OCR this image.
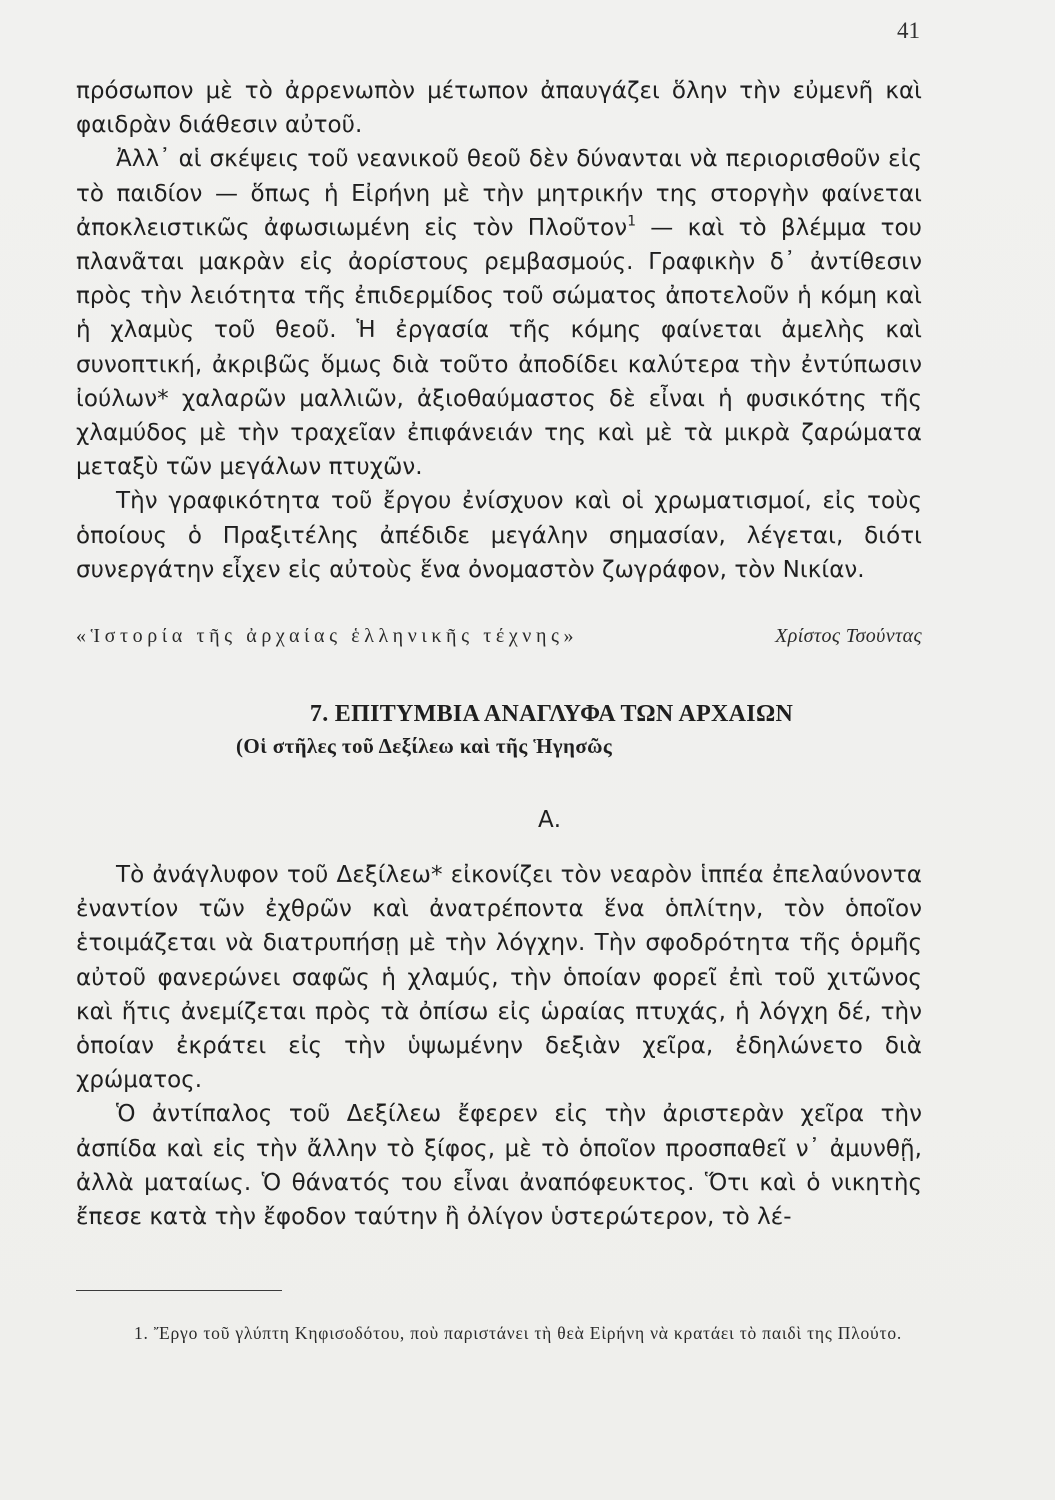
41

πρόσωπον μὲ τὸ ἀρρενωπὸν μέτωπον ἀπαυγάζει ὅλην τὴν εὐμενῆ καὶ φαιδρὰν διάθεσιν αὐτοῦ.

Ἀλλ᾽ αἱ σκέψεις τοῦ νεανικοῦ θεοῦ δὲν δύνανται νὰ περιορισθοῦν εἰς τὸ παιδίον — ὅπως ἡ Εἰρήνη μὲ τὴν μητρικήν της στοργὴν φαίνεται ἀποκλειστικῶς ἀφωσιωμένη εἰς τὸν Πλοῦτον$^1$ — καὶ τὸ βλέμμα του πλανᾶται μακρὰν εἰς ἀορίστους ρεμβασμούς. Γραφικὴν δ᾽ ἀντίθεσιν πρὸς τὴν λειότητα τῆς ἐπιδερμίδος τοῦ σώματος ἀποτελοῦν ἡ κόμη καὶ ἡ χλαμὺς τοῦ θεοῦ. Ἡ ἐργασία τῆς κόμης φαίνεται ἀμελὴς καὶ συνοπτική, ἀκριβῶς ὅμως διὰ τοῦτο ἀποδίδει καλύτερα τὴν ἐντύπωσιν ἰούλων* χαλαρῶν μαλλιῶν, ἀξιοθαύμαστος δὲ εἶναι ἡ φυσικότης τῆς χλαμύδος μὲ τὴν τραχεῖαν ἐπιφάνειάν της καὶ μὲ τὰ μικρὰ ζαρώματα μεταξὺ τῶν μεγάλων πτυχῶν.

Τὴν γραφικότητα τοῦ ἔργου ἐνίσχυον καὶ οἱ χρωματισμοί, εἰς τοὺς ὁποίους ὁ Πραξιτέλης ἀπέδιδε μεγάλην σημασίαν, λέγεται, διότι συνεργάτην εἶχεν εἰς αὐτοὺς ἕνα ὀνομαστὸν ζωγράφον, τὸν Νικίαν.

«Ἱστορία τῆς ἀρχαίας ἑλληνικῆς τέχνης»	Χρίστος Τσούντας
7. ΕΠΙΤΥΜΒΙΑ ΑΝΑΓΛΥΦΑ ΤΩΝ ΑΡΧΑΙΩΝ
(Οἱ στῆλες τοῦ Δεξίλεω καὶ τῆς Ἡγησῶς
Α.

Τὸ ἀνάγλυφον τοῦ Δεξίλεω* εἰκονίζει τὸν νεαρὸν ἱππέα ἐπελαύνοντα ἐναντίον τῶν ἐχθρῶν καὶ ἀνατρέποντα ἕνα ὁπλίτην, τὸν ὁποῖον ἑτοιμάζεται νὰ διατρυπήσῃ μὲ τὴν λόγχην. Τὴν σφοδρότητα τῆς ὁρμῆς αὐτοῦ φανερώνει σαφῶς ἡ χλαμύς, τὴν ὁποίαν φορεῖ ἐπὶ τοῦ χιτῶνος καὶ ἥτις ἀνεμίζεται πρὸς τὰ ὀπίσω εἰς ὡραίας πτυχάς, ἡ λόγχη δέ, τὴν ὁποίαν ἐκράτει εἰς τὴν ὑψωμένην δεξιὰν χεῖρα, ἐδηλώνετο διὰ χρώματος.

Ὁ ἀντίπαλος τοῦ Δεξίλεω ἔφερεν εἰς τὴν ἀριστερὰν χεῖρα τὴν ἀσπίδα καὶ εἰς τὴν ἄλλην τὸ ξίφος, μὲ τὸ ὁποῖον προσπαθεῖ ν᾽ ἀμυνθῇ, ἀλλὰ ματαίως. Ὁ θάνατός του εἶναι ἀναπόφευκτος. Ὅτι καὶ ὁ νικητὴς ἔπεσε κατὰ τὴν ἔφοδον ταύτην ἢ ὀλίγον ὑστερώτερον, τὸ λέ-

1. Ἔργο τοῦ γλύπτη Κηφισοδότου, ποὺ παριστάνει τὴ θεὰ Εἰρήνη νὰ κρατάει τὸ παιδὶ της Πλούτο.
